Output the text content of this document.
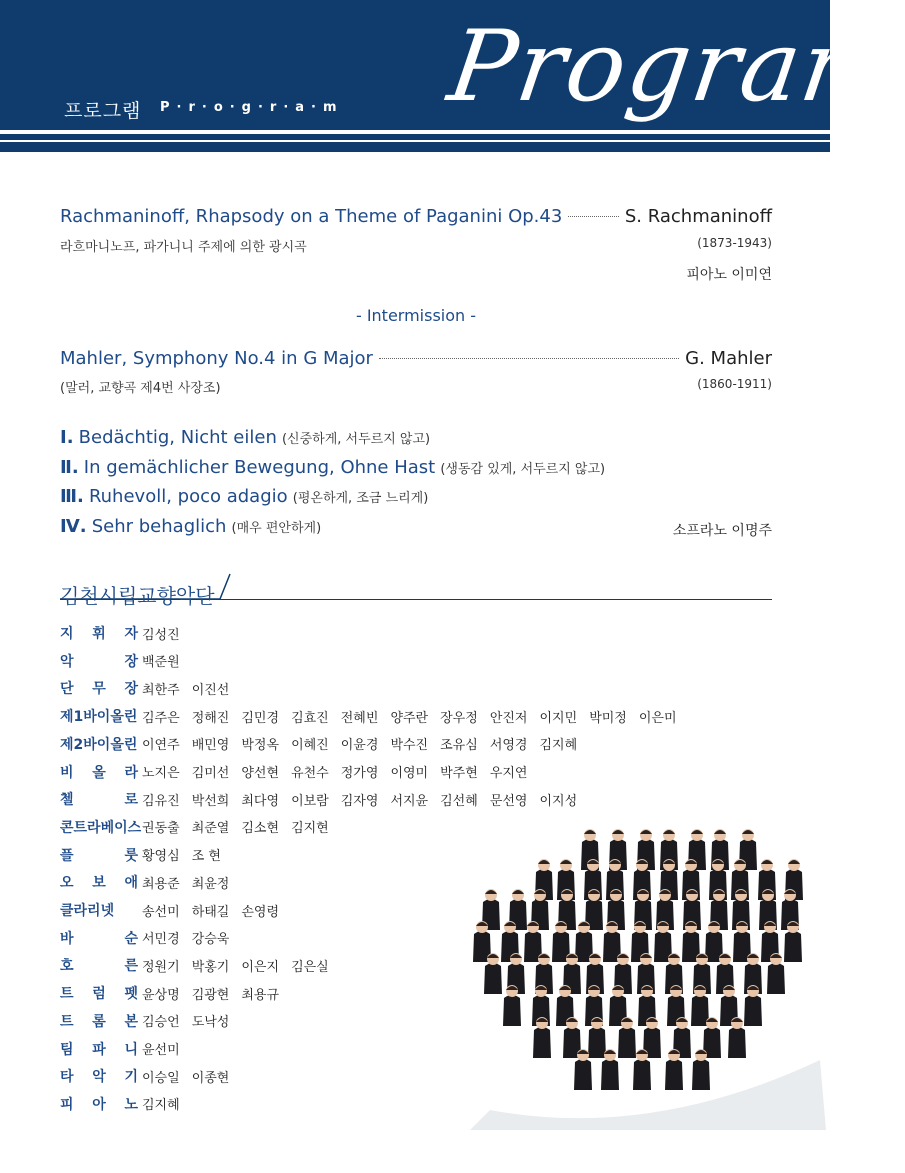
Program
프로그램 P·r·o·g·r·a·m
Rachmaninoff, Rhapsody on a Theme of Paganini Op.43	S. Rachmaninoff
라흐마니노프, 파가니니 주제에 의한 광시곡	(1873-1943)
피아노 이미연
- Intermission -
Mahler, Symphony No.4 in G Major	G. Mahler
(말러, 교향곡 제4번 사장조)	(1860-1911)
Ⅰ. Bedächtig, Nicht eilen (신중하게, 서두르지 않고)
Ⅱ. In gemächlicher Bewegung, Ohne Hast (생동감 있게, 서두르지 않고)
Ⅲ. Ruhevoll, poco adagio (평온하게, 조금 느리게)
Ⅳ. Sehr behaglich (매우 편안하게)	소프라노 이명주
김천시립교향악단
지 휘 자 김성진
악	장 백준원
단 무 장 최한주 이진선
제1바이올린 김주은 정해진 김민경 김효진 전혜빈 양주란 장우정 안진저 이지민 박미정 이은미
제2바이올린 이연주 배민영 박정옥 이혜진 이윤경 박수진 조유심 서영경 김지혜
비 올 라 노지은 김미선 양선현 유천수 정가영 이영미 박주현 우지연
첼	로 김유진 박선희 최다영 이보람 김자영 서지윤 김선혜 문선영 이지성
콘트라베이스 권동출 최준열 김소현 김지현
플	룻 황영심 조 현
오 보 애 최용준 최윤정
클라리넷	송선미 하태길 손영령
바	순 서민경 강승욱
호	른 정원기 박홍기 이은지 김은실
트 럼 펫 윤상명 김광현 최용규
트 롬 본 김승언 도낙성
팀 파 니 윤선미
타 악 기 이승일 이종현
피 아 노 김지혜
